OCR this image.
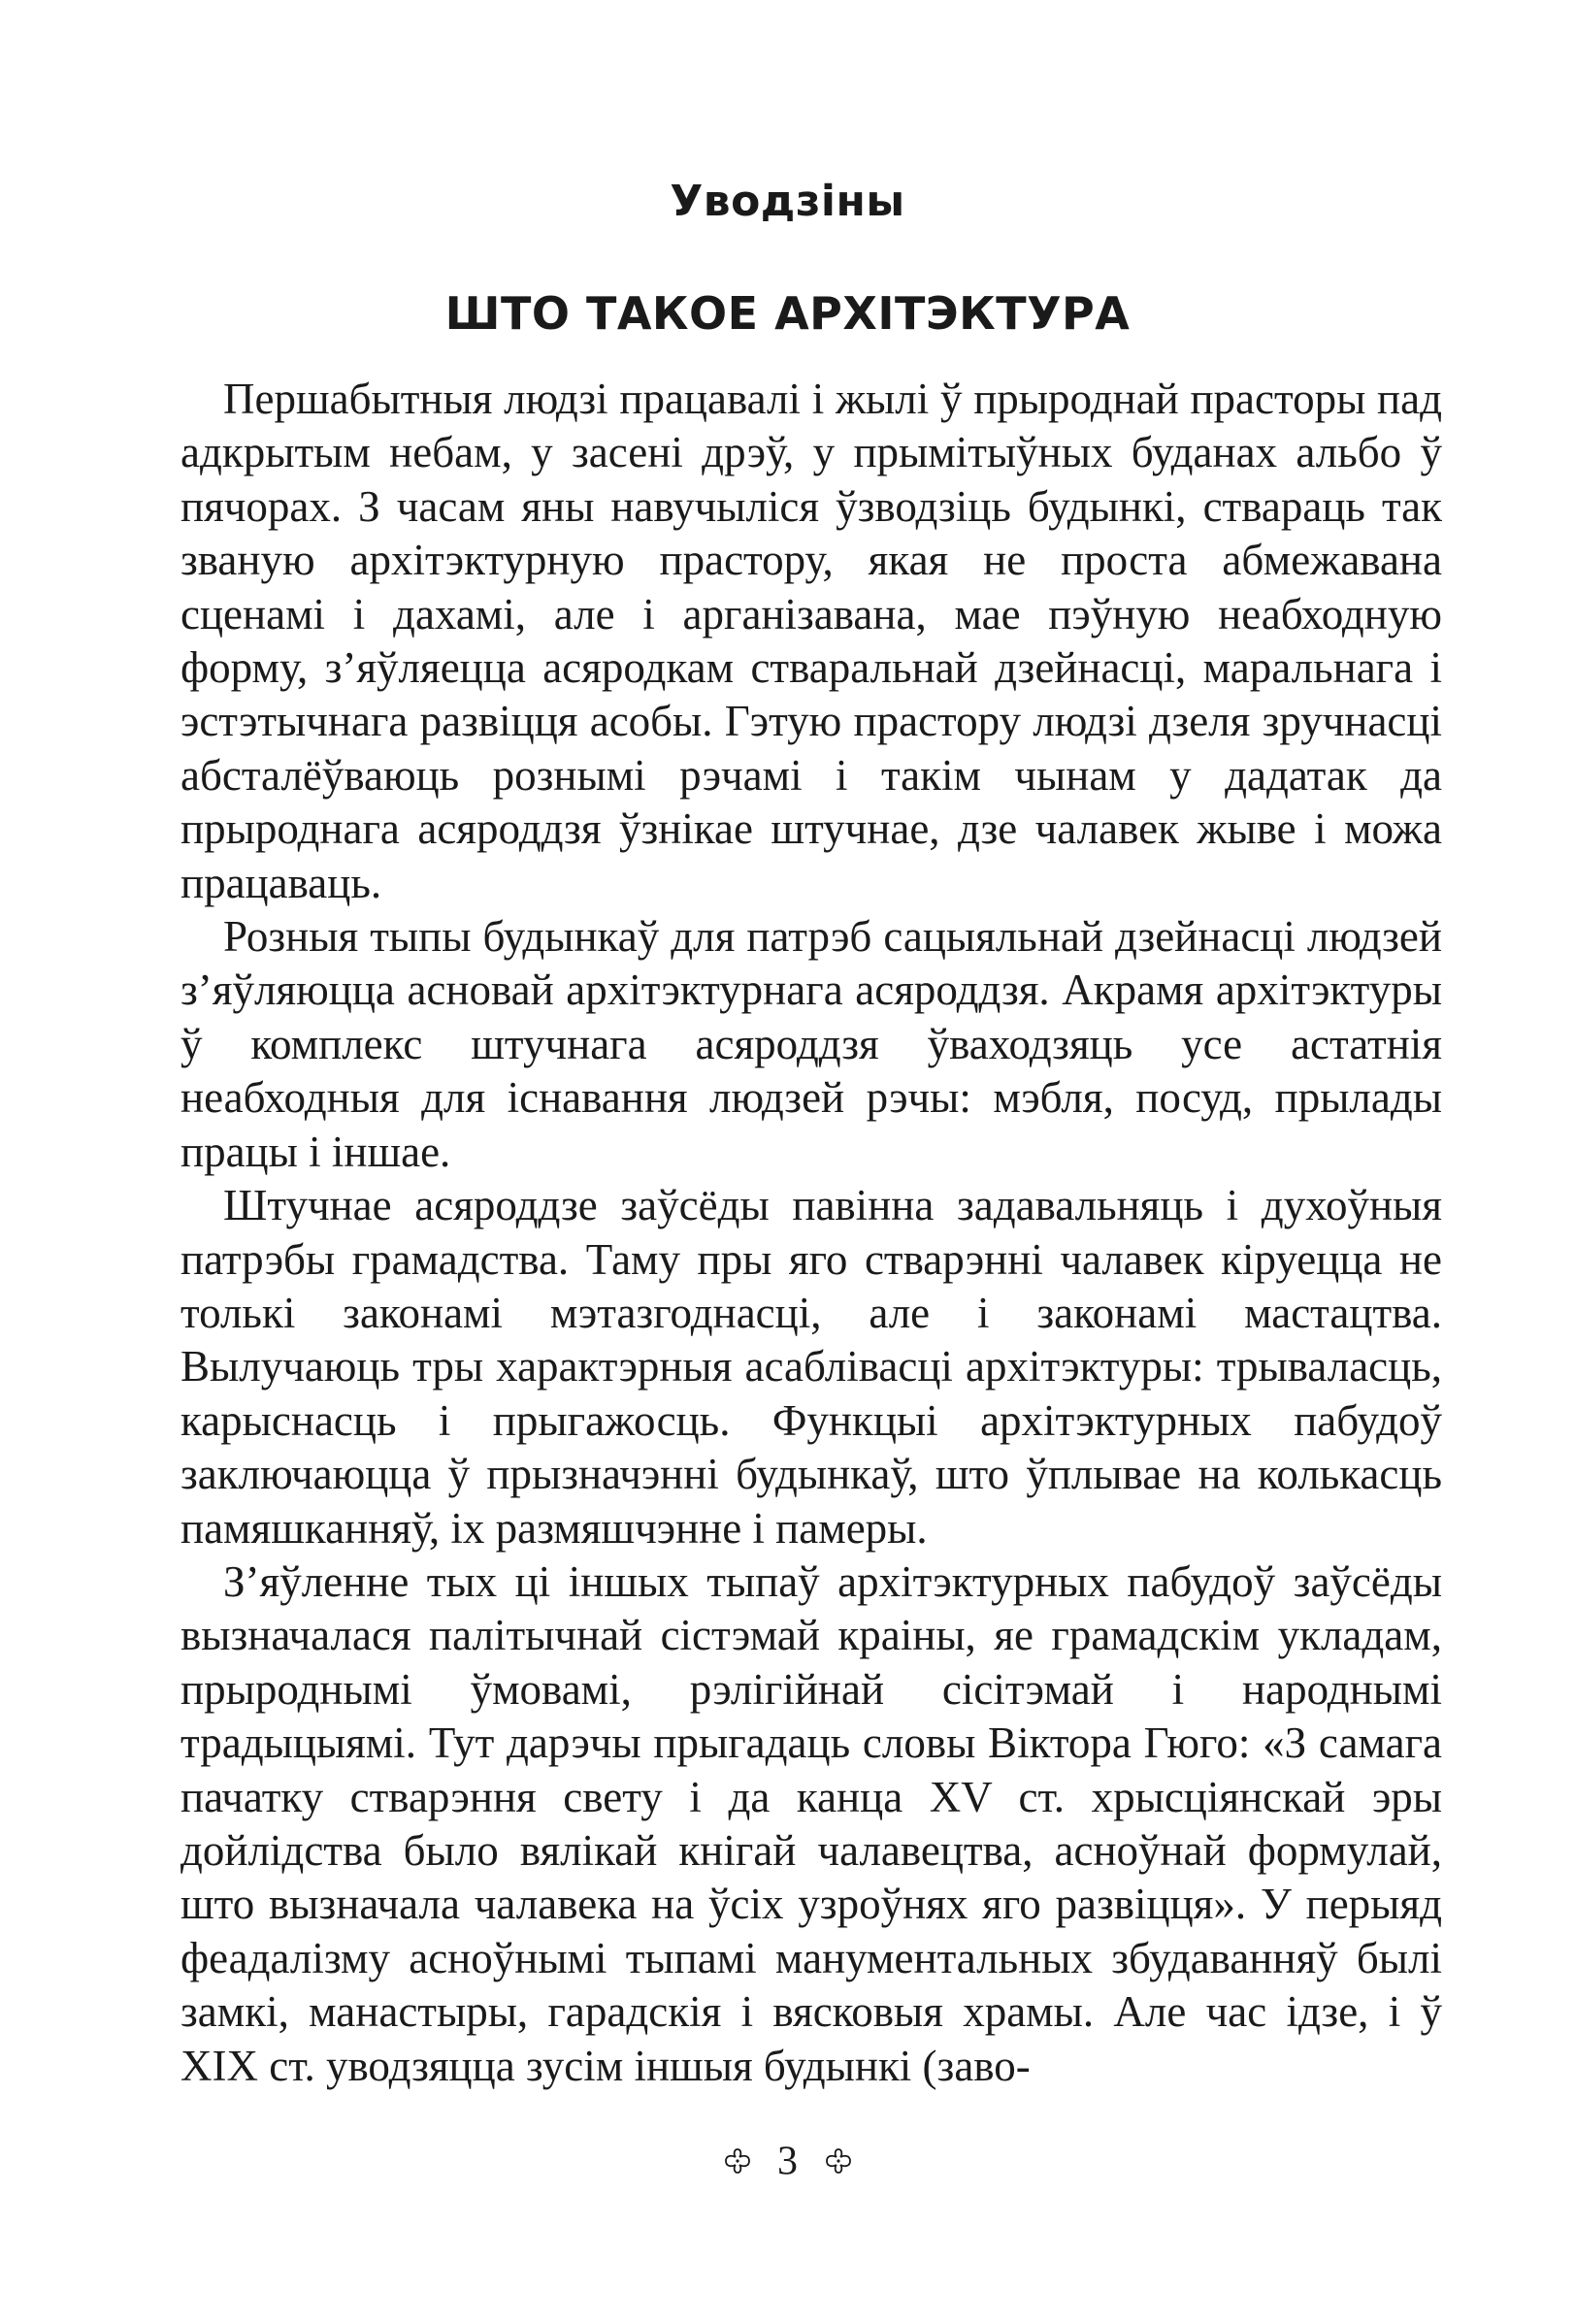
Уводзіны
ШТО ТАКОЕ АРХІТЭКТУРА

Першабытныя людзі працавалі і жылі ў прыроднай прасторы пад адкрытым небам, у засені дрэў, у прымітыўных буданах альбо ў пячорах. З часам яны навучыліся ўзводзіць будынкі, ствараць так званую архітэктурную прастору, якая не проста абмежавана сценамі і дахамі, але і арганізавана, мае пэўную неабходную форму, з’яўляецца асяродкам стваральнай дзейнасці, маральнага і эстэтычнага развіцця асобы. Гэтую прастору людзі дзеля зручнасці абсталёўваюць рознымі рэчамі і такім чынам у дадатак да прыроднага асяроддзя ўзнікае штучнае, дзе чалавек жыве і можа працаваць.

Розныя тыпы будынкаў для патрэб сацыяльнай дзейнасці людзей з’яўляюцца асновай архітэктурнага асяроддзя. Акрамя архітэктуры ў комплекс штучнага асяроддзя ўваходзяць усе астатнія неабходныя для існавання людзей рэчы: мэбля, посуд, прылады працы і іншае.

Штучнае асяроддзе заўсёды павінна задавальняць і духоўныя патрэбы грамадства. Таму пры яго стварэнні чалавек кіруецца не толькі законамі мэтазгоднасці, але і законамі мастацтва. Вылучаюць тры характэрныя асаблівасці архітэктуры: трываласць, карыснасць і прыгажосць. Функцыі архітэктурных пабудоў заключаюцца ў прызначэнні будынкаў, што ўплывае на колькасць памяшканняў, іх размяшчэнне і памеры.

З’яўленне тых ці іншых тыпаў архітэктурных пабудоў заўсёды вызначалася палітычнай сістэмай краіны, яе грамадскім укладам, прыроднымі ўмовамі, рэлігійнай сісітэмай і народнымі традыцыямі. Тут дарэчы прыгадаць словы Віктора Гюго: «З самага пачатку стварэння свету і да канца XV ст. хрысціянскай эры дойлідства было вялікай кнігай чалавецтва, асноўнай формулай, што вызначала чалавека на ўсіх узроўнях яго развіцця». У перыяд феадалізму асноўнымі тыпамі манументальных збудаванняў былі замкі, манастыры, гарадскія і вясковыя храмы. Але час ідзе, і ў XIX ст. уводзяцца зусім іншыя будынкі (заво-

3
